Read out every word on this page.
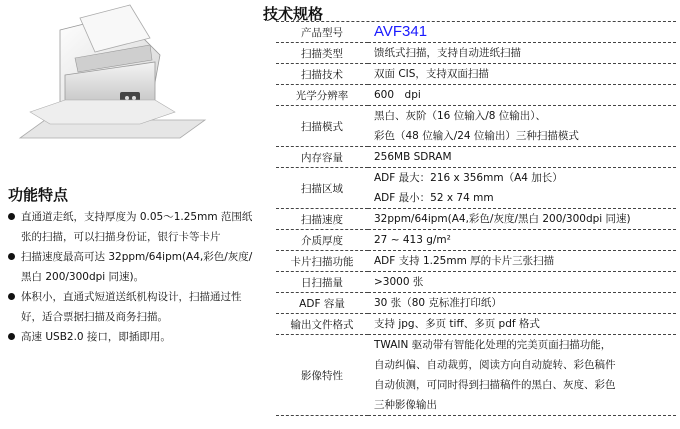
功能特点
直通道走纸，支持厚度为 0.05～1.25mm 范围纸张的扫描，可以扫描身份证，银行卡等卡片
扫描速度最高可达 32ppm/64ipm(A4,彩色/灰度/黑白 200/300dpi 同速)。
体积小，直通式短道送纸机构设计，扫描通过性好，适合票据扫描及商务扫描。
高速 USB2.0 接口，即插即用。
技术规格
产品型号	AVF341

扫描类型	馈纸式扫描，支持自动进纸扫描

扫描技术	双面 CIS，支持双面扫描

光学分辨率	600　dpi

扫描模式	黑白、灰阶（16 位输入/8 位输出）、
彩色（48 位输入/24 位输出）三种扫描模式

内存容量	256MB SDRAM

扫描区域	ADF 最大：216 x 356mm（A4 加长）
ADF 最小：52 x 74 mm

扫描速度	32ppm/64ipm(A4,彩色/灰度/黑白 200/300dpi 同速)

介质厚度	27 ~ 413 g/m²

卡片扫描功能	ADF 支持 1.25mm 厚的卡片三张扫描

日扫描量	>3000 张

ADF 容量	30 张（80 克标准打印纸）

输出文件格式	支持 jpg、多页 tiff、多页 pdf 格式

影像特性	TWAIN 驱动带有智能化处理的完美页面扫描功能，
自动纠偏、自动裁剪，阅读方向自动旋转、彩色稿件
自动侦测，可同时得到扫描稿件的黑白、灰度、彩色
三种影像输出
